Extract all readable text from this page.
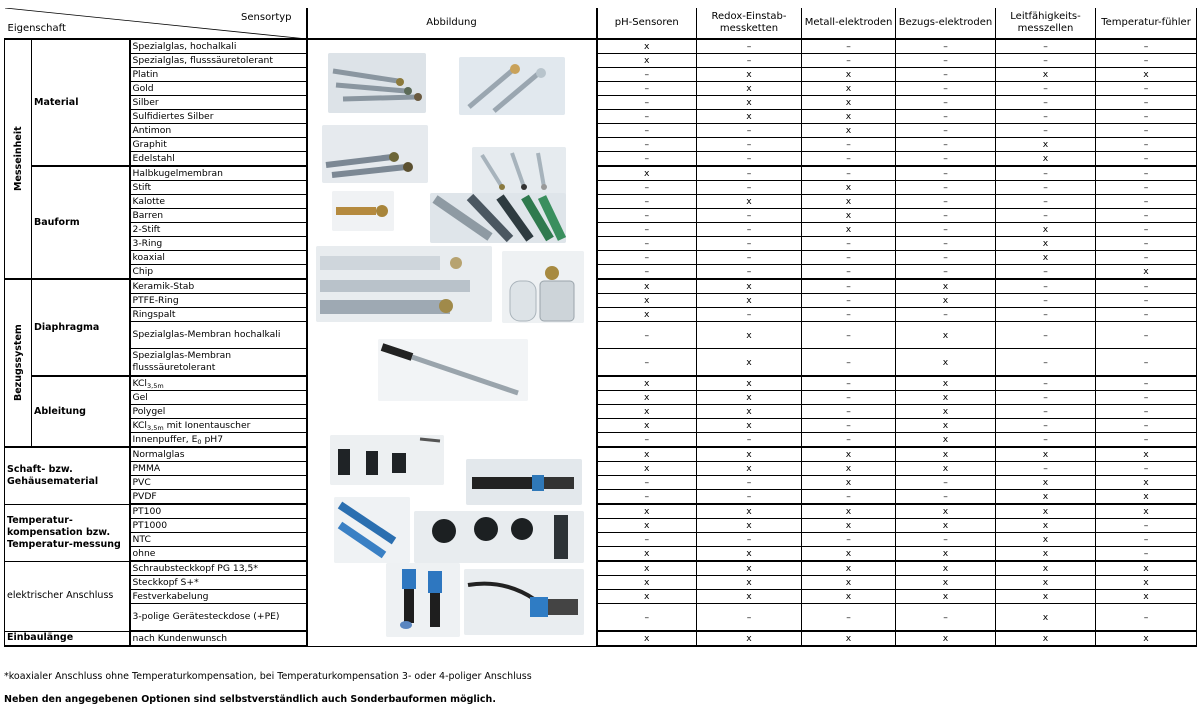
Sensortyp
Eigenschaft			Abbildung	pH-Sensoren	Redox-Einstab-messketten	Metall-elektroden	Bezugs-elektroden	Leitfähigkeits-messzellen	Temperatur-fühler
Messeinheit	Material	Spezialglas, hochalkali		x	–	–	–	–	–
		Spezialglas, flusssäuretolerant		x	–	–	–	–	–
		Platin		–	x	x	–	x	x
		Gold		–	x	x	–	–	–
		Silber		–	x	x	–	–	–
		Sulfidiertes Silber		–	x	x	–	–	–
		Antimon		–	–	x	–	–	–
		Graphit		–	–	–	–	x	–
		Edelstahl		–	–	–	–	x	–
	Bauform	Halbkugelmembran		x	–	–	–	–	–
		Stift		–	–	x	–	–	–
		Kalotte		–	x	x	–	–	–
		Barren		–	–	x	–	–	–
		2-Stift		–	–	x	–	x	–
		3-Ring		–	–	–	–	x	–
		koaxial		–	–	–	–	x	–
		Chip		–	–	–	–	–	x
Bezugssystem	Diaphragma	Keramik-Stab		x	x	–	x	–	–
		PTFE-Ring		x	x	–	x	–	–
		Ringspalt		x	–	–	–	–	–
		Spezialglas-Membran hochalkali		–	x	–	x	–	–
		Spezialglas-Membran flusssäuretolerant		–	x	–	x	–	–
	Ableitung	KCl$_{3,5m}$		x	x	–	x	–	–
		Gel		x	x	–	x	–	–
		Polygel		x	x	–	x	–	–
		KCl$_{3,5m}$ mit Ionentauscher		x	x	–	x	–	–
		Innenpuffer, $E_0$ pH7		–	–	–	x	–	–
Schaft- bzw. Gehäusematerial		Normalglas		x	x	x	x	x	x
		PMMA		x	x	x	x	–	–
		PVC		–	–	x	–	x	x
		PVDF		–	–	–	–	x	x
Temperatur-kompensation bzw. Temperatur-messung		PT100		x	x	x	x	x	x
		PT1000		x	x	x	x	x	–
		NTC		–	–	–	–	x	–
		ohne		x	x	x	x	x	–
elektrischer Anschluss		Schraubsteckkopf PG 13,5*		x	x	x	x	x	x
		Steckkopf S+*		x	x	x	x	x	x
		Festverkabelung		x	x	x	x	x	x
		3-polige Gerätesteckdose (+PE)		–	–	–	–	x	–
Einbaulänge		nach Kundenwunsch		x	x	x	x	x	x
*koaxialer Anschluss ohne Temperaturkompensation, bei Temperaturkompensation 3- oder 4-poliger Anschluss
Neben den angegebenen Optionen sind selbstverständlich auch Sonderbauformen möglich.
